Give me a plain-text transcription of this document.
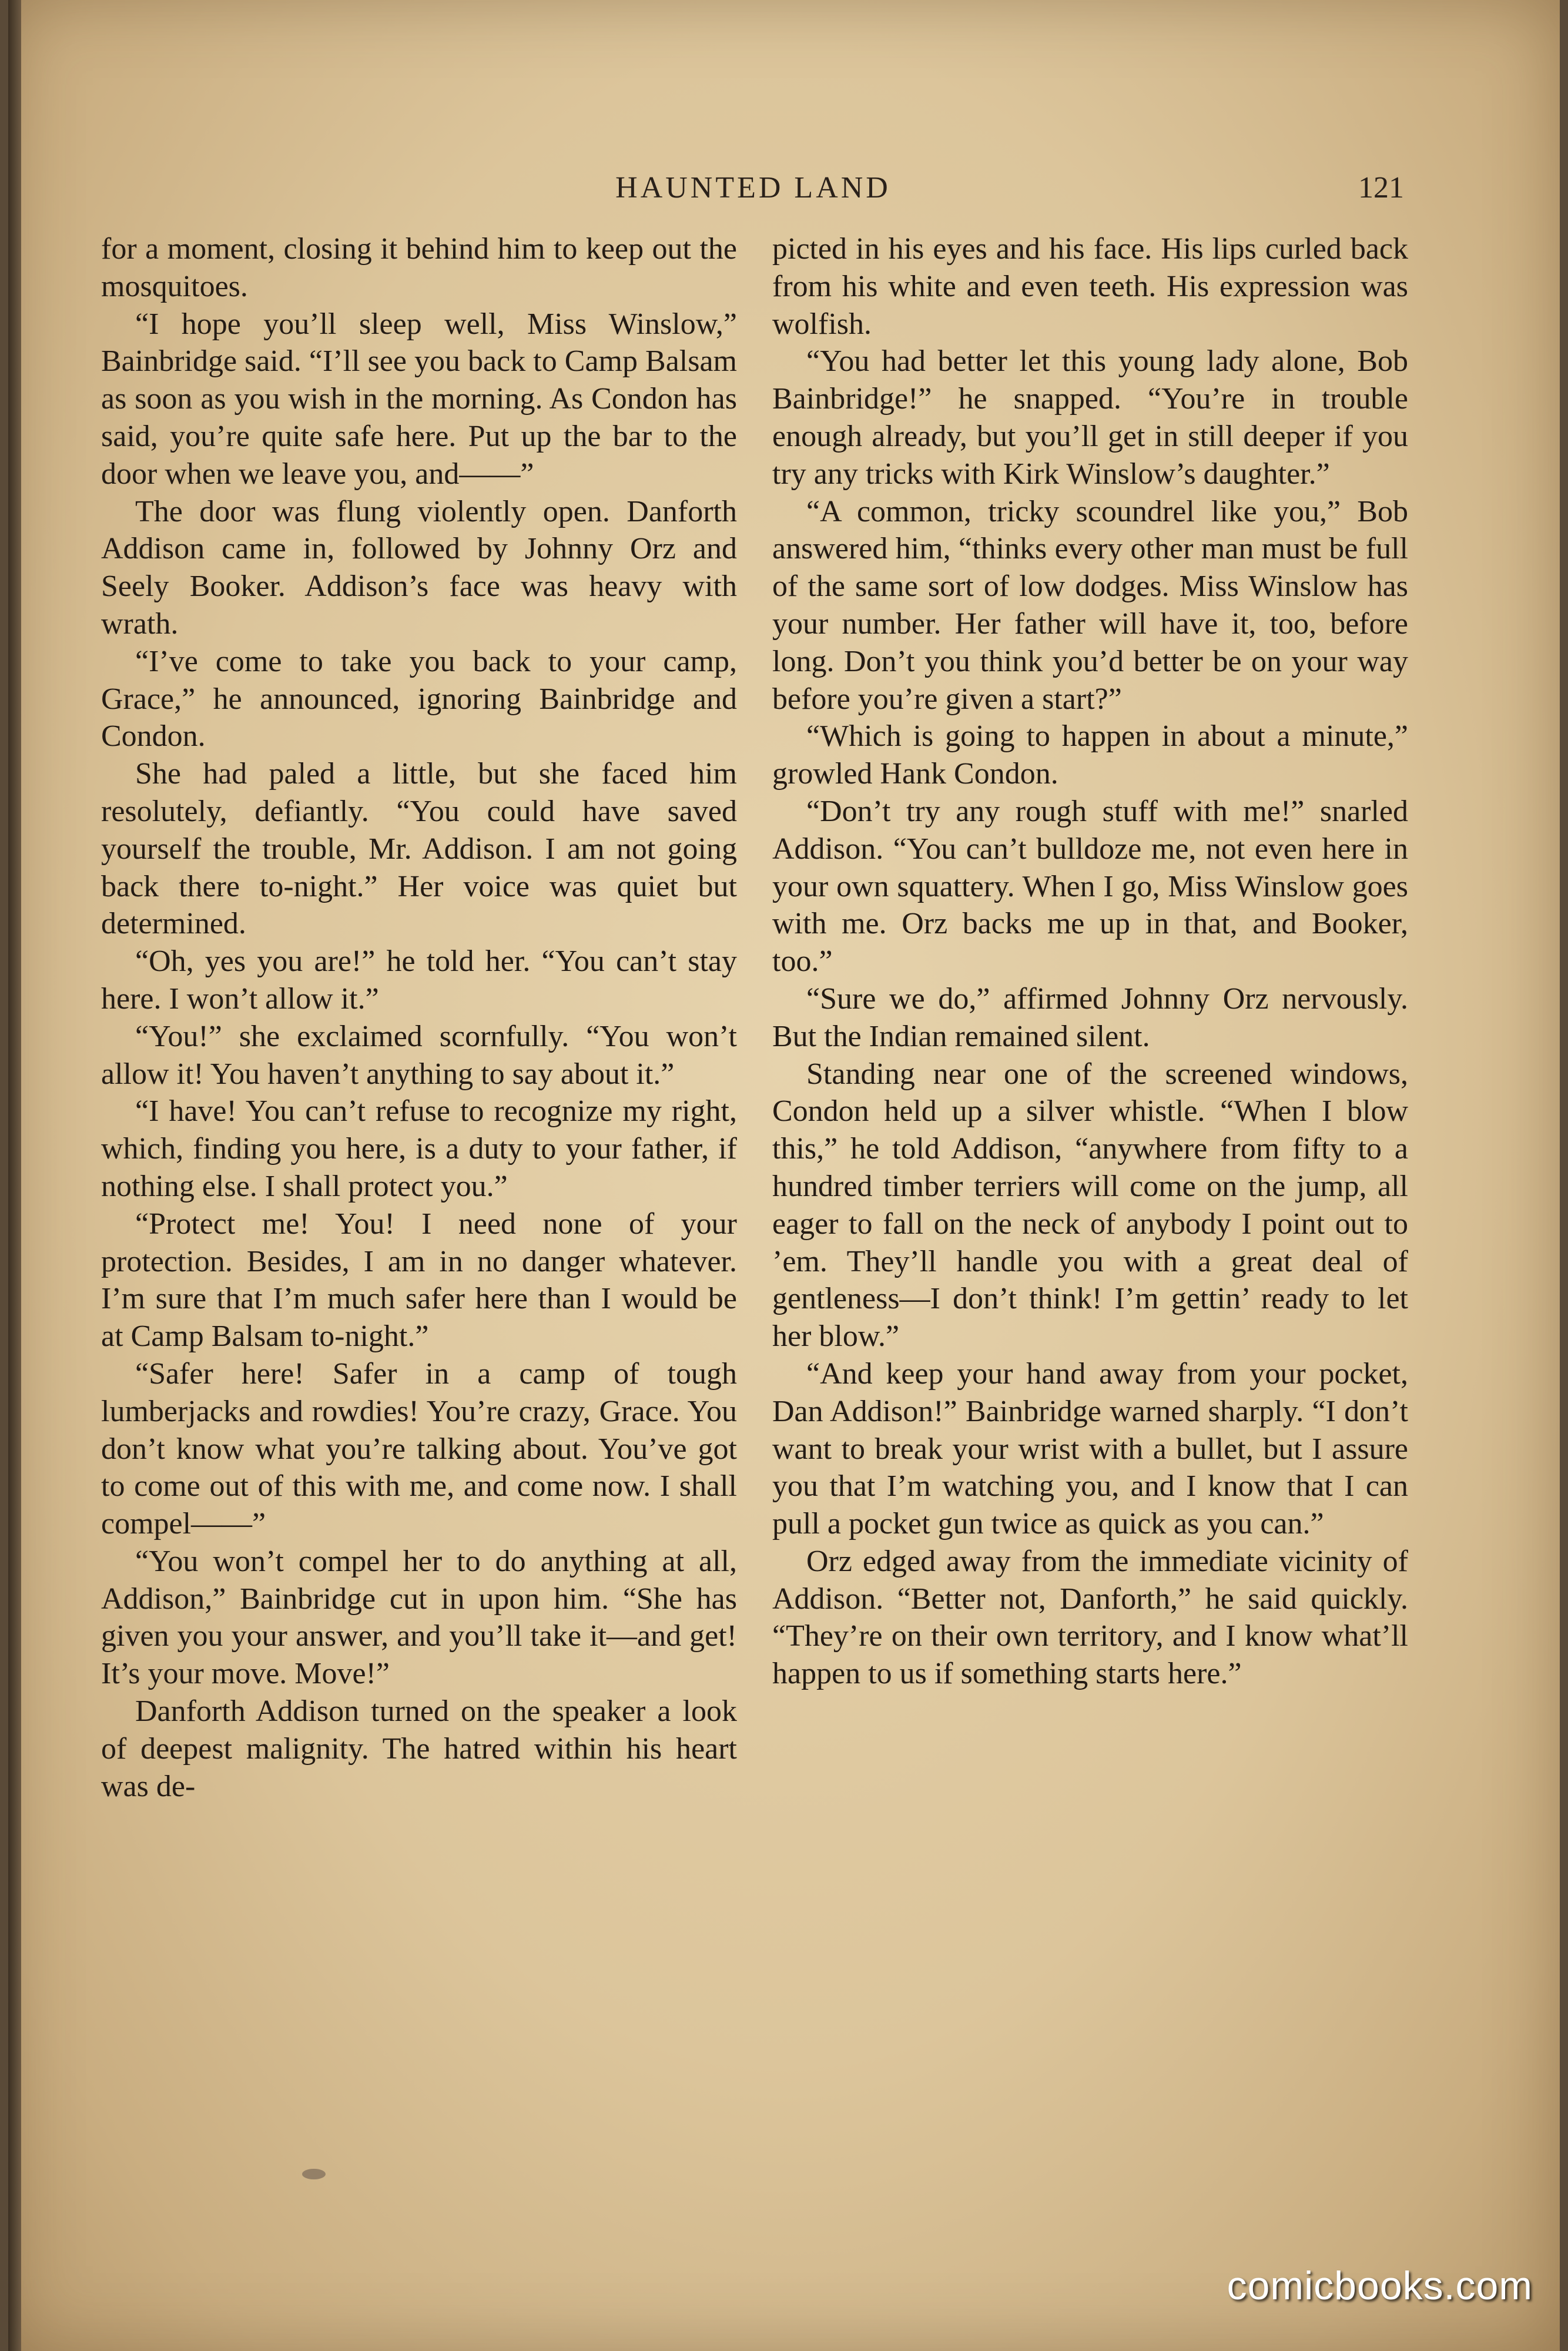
HAUNTED LAND	121

for a moment, closing it behind him to keep out the mosquitoes.

“I hope you’ll sleep well, Miss Winslow,” Bainbridge said. “I’ll see you back to Camp Balsam as soon as you wish in the morning. As Condon has said, you’re quite safe here. Put up the bar to the door when we leave you, and——”

The door was flung violently open. Danforth Addison came in, followed by Johnny Orz and Seely Booker. Addison’s face was heavy with wrath.

“I’ve come to take you back to your camp, Grace,” he announced, ignoring Bainbridge and Condon.

She had paled a little, but she faced him resolutely, defiantly. “You could have saved yourself the trouble, Mr. Addison. I am not going back there to-night.” Her voice was quiet but determined.

“Oh, yes you are!” he told her. “You can’t stay here. I won’t allow it.”

“You!” she exclaimed scornfully. “You won’t allow it! You haven’t anything to say about it.”

“I have! You can’t refuse to recognize my right, which, finding you here, is a duty to your father, if nothing else. I shall protect you.”

“Protect me! You! I need none of your protection. Besides, I am in no danger whatever. I’m sure that I’m much safer here than I would be at Camp Balsam to-night.”

“Safer here! Safer in a camp of tough lumberjacks and rowdies! You’re crazy, Grace. You don’t know what you’re talking about. You’ve got to come out of this with me, and come now. I shall compel——”

“You won’t compel her to do anything at all, Addison,” Bainbridge cut in upon him. “She has given you your answer, and you’ll take it—and get! It’s your move. Move!”

Danforth Addison turned on the speaker a look of deepest malignity. The hatred within his heart was de-

picted in his eyes and his face. His lips curled back from his white and even teeth. His expression was wolfish.

“You had better let this young lady alone, Bob Bainbridge!” he snapped. “You’re in trouble enough already, but you’ll get in still deeper if you try any tricks with Kirk Winslow’s daughter.”

“A common, tricky scoundrel like you,” Bob answered him, “thinks every other man must be full of the same sort of low dodges. Miss Winslow has your number. Her father will have it, too, before long. Don’t you think you’d better be on your way before you’re given a start?”

“Which is going to happen in about a minute,” growled Hank Condon.

“Don’t try any rough stuff with me!” snarled Addison. “You can’t bulldoze me, not even here in your own squattery. When I go, Miss Winslow goes with me. Orz backs me up in that, and Booker, too.”

“Sure we do,” affirmed Johnny Orz nervously. But the Indian remained silent.

Standing near one of the screened windows, Condon held up a silver whistle. “When I blow this,” he told Addison, “anywhere from fifty to a hundred timber terriers will come on the jump, all eager to fall on the neck of anybody I point out to ’em. They’ll handle you with a great deal of gentleness—I don’t think! I’m gettin’ ready to let her blow.”

“And keep your hand away from your pocket, Dan Addison!” Bainbridge warned sharply. “I don’t want to break your wrist with a bullet, but I assure you that I’m watching you, and I know that I can pull a pocket gun twice as quick as you can.”

Orz edged away from the immediate vicinity of Addison. “Better not, Danforth,” he said quickly. “They’re on their own territory, and I know what’ll happen to us if something starts here.”

comicbooks.com
